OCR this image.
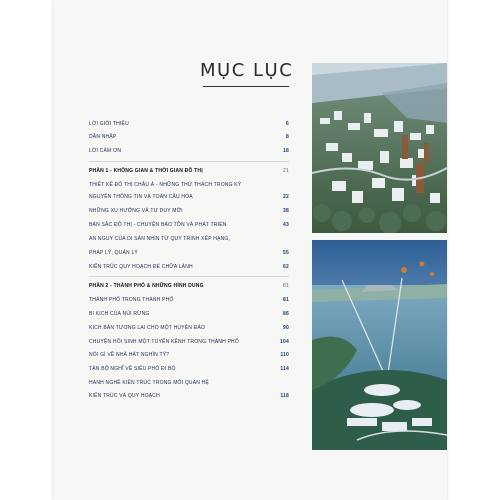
MỤC LỤC
LỜI GIỚI THIỆU	6
DẪN NHẬP	8
LỜI CẢM ƠN	18
PHẦN 1 - KHÔNG GIAN & THỜI GIAN ĐÔ THỊ	21
THIẾT KẾ ĐÔ THỊ CHÂU Á - NHỮNG THỬ THÁCH TRONG KỶ
NGUYÊN THÔNG TIN VÀ TOÀN CẦU HÓA	22
NHỮNG XU HƯỚNG VÀ TƯ DUY MỚI	38
BẢN SẮC ĐÔ THỊ - CHUYỆN BẢO TỒN VÀ PHÁT TRIỂN	43
AN NGUY CỦA DI SẢN NHÌN TỪ QUY TRÌNH XẾP HẠNG,
PHÁP LÝ, QUẢN LÝ	55
KIẾN TRÚC QUY HOẠCH ĐỂ CHỮA LÀNH	62
PHẦN 2 - THÀNH PHỐ & NHỮNG HÌNH DUNG	81
THÀNH PHỐ TRONG THÀNH PHỐ	81
BI KỊCH CỦA NÚI RỪNG	86
KỊCH BẢN TƯƠNG LAI CHO MỘT HUYỆN ĐẢO	90
CHUYỆN HỒI SINH MỘT TUYẾN KÊNH TRONG THÀNH PHỐ	104
NÓI GÌ VỀ NHÀ HÁT NGHÌN TỶ?	110
TẢN BỘ NGHĨ VỀ SIÊU PHỐ ĐI BỘ	114
HÀNH NGHỀ KIẾN TRÚC TRONG MỐI QUAN HỆ
KIẾN TRÚC VÀ QUY HOẠCH	118
